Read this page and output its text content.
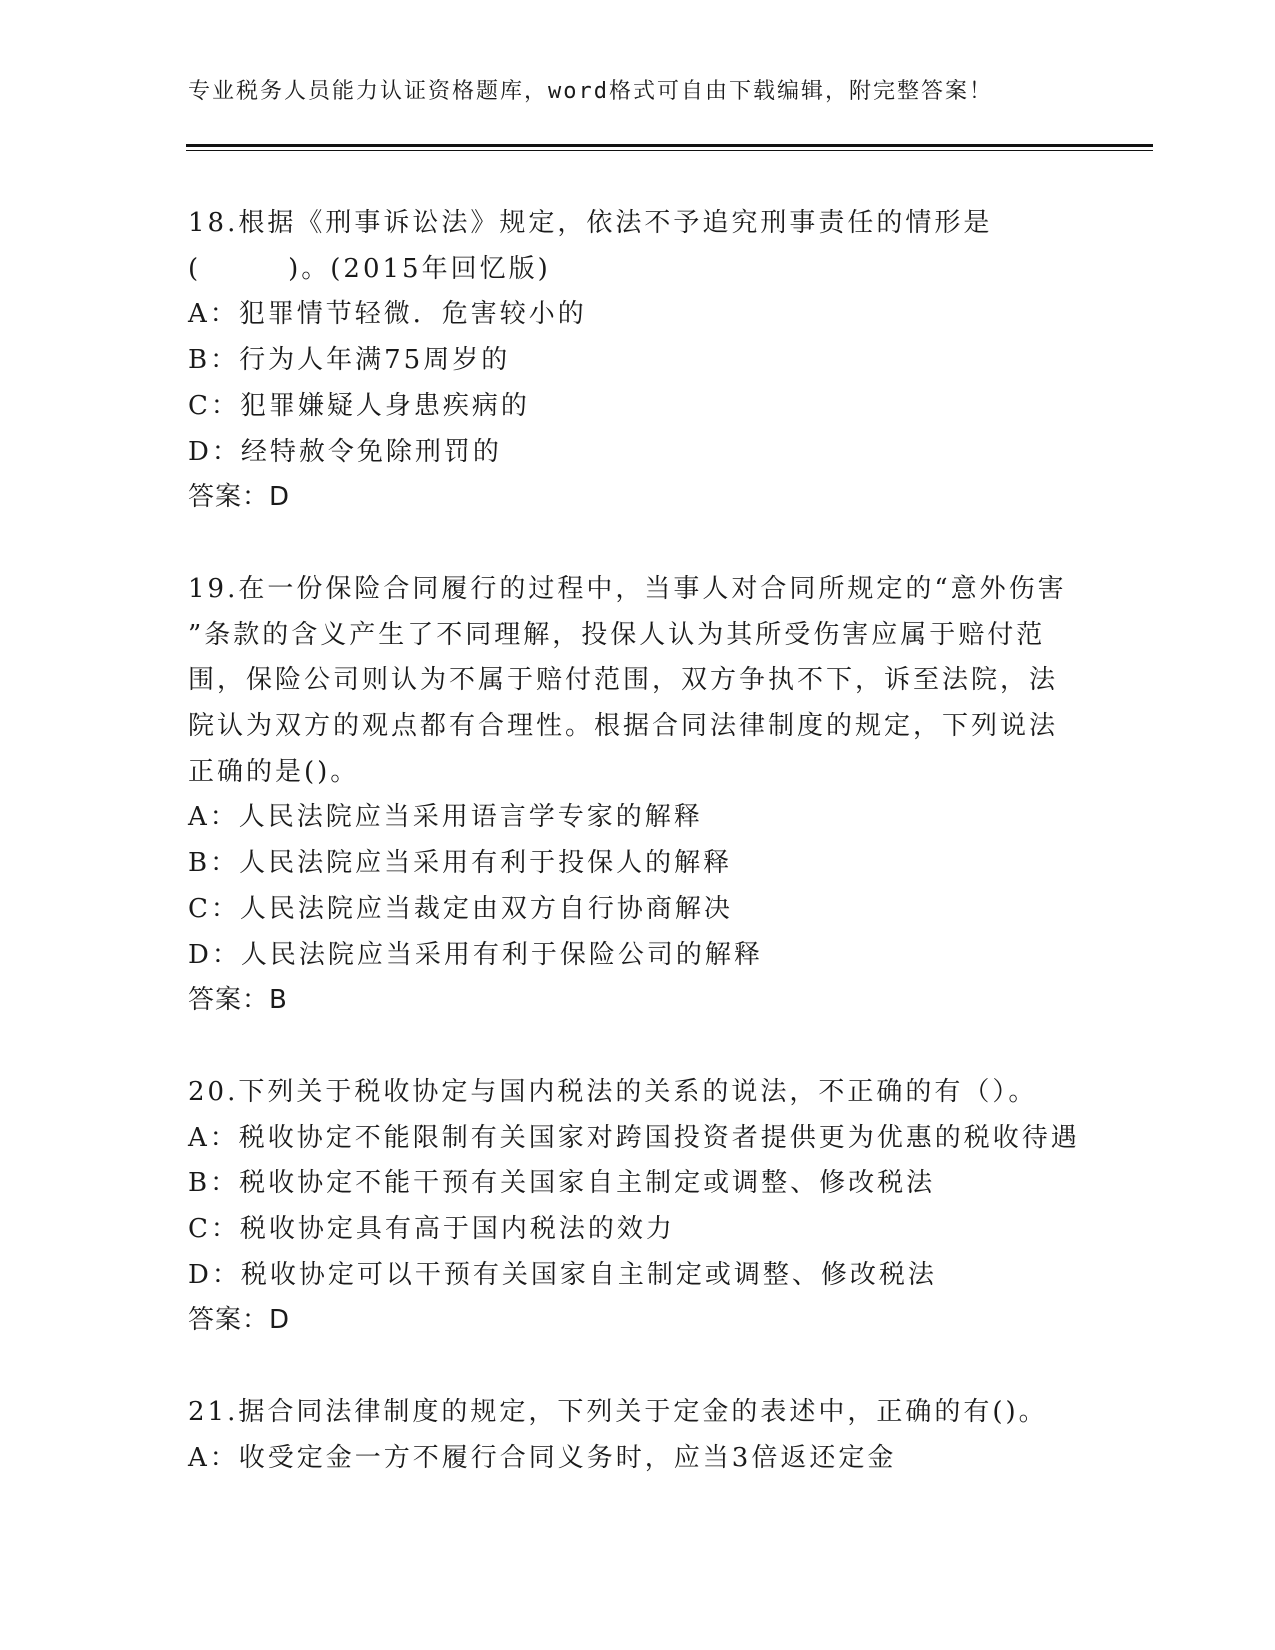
专业税务人员能力认证资格题库，word格式可自由下载编辑，附完整答案！
18.根据《刑事诉讼法》规定，依法不予追究刑事责任的情形是
(　　　)。(2015年回忆版)
A：犯罪情节轻微．危害较小的
B：行为人年满75周岁的
C：犯罪嫌疑人身患疾病的
D：经特赦令免除刑罚的
答案：D
19.在一份保险合同履行的过程中，当事人对合同所规定的“意外伤害
”条款的含义产生了不同理解，投保人认为其所受伤害应属于赔付范
围，保险公司则认为不属于赔付范围，双方争执不下，诉至法院，法
院认为双方的观点都有合理性。根据合同法律制度的规定，下列说法
正确的是()。
A：人民法院应当采用语言学专家的解释
B：人民法院应当采用有利于投保人的解释
C：人民法院应当裁定由双方自行协商解决
D：人民法院应当采用有利于保险公司的解释
答案：B
20.下列关于税收协定与国内税法的关系的说法，不正确的有（）。
A：税收协定不能限制有关国家对跨国投资者提供更为优惠的税收待遇
B：税收协定不能干预有关国家自主制定或调整、修改税法
C：税收协定具有高于国内税法的效力
D：税收协定可以干预有关国家自主制定或调整、修改税法
答案：D
21.据合同法律制度的规定，下列关于定金的表述中，正确的有()。
A：收受定金一方不履行合同义务时，应当3倍返还定金
